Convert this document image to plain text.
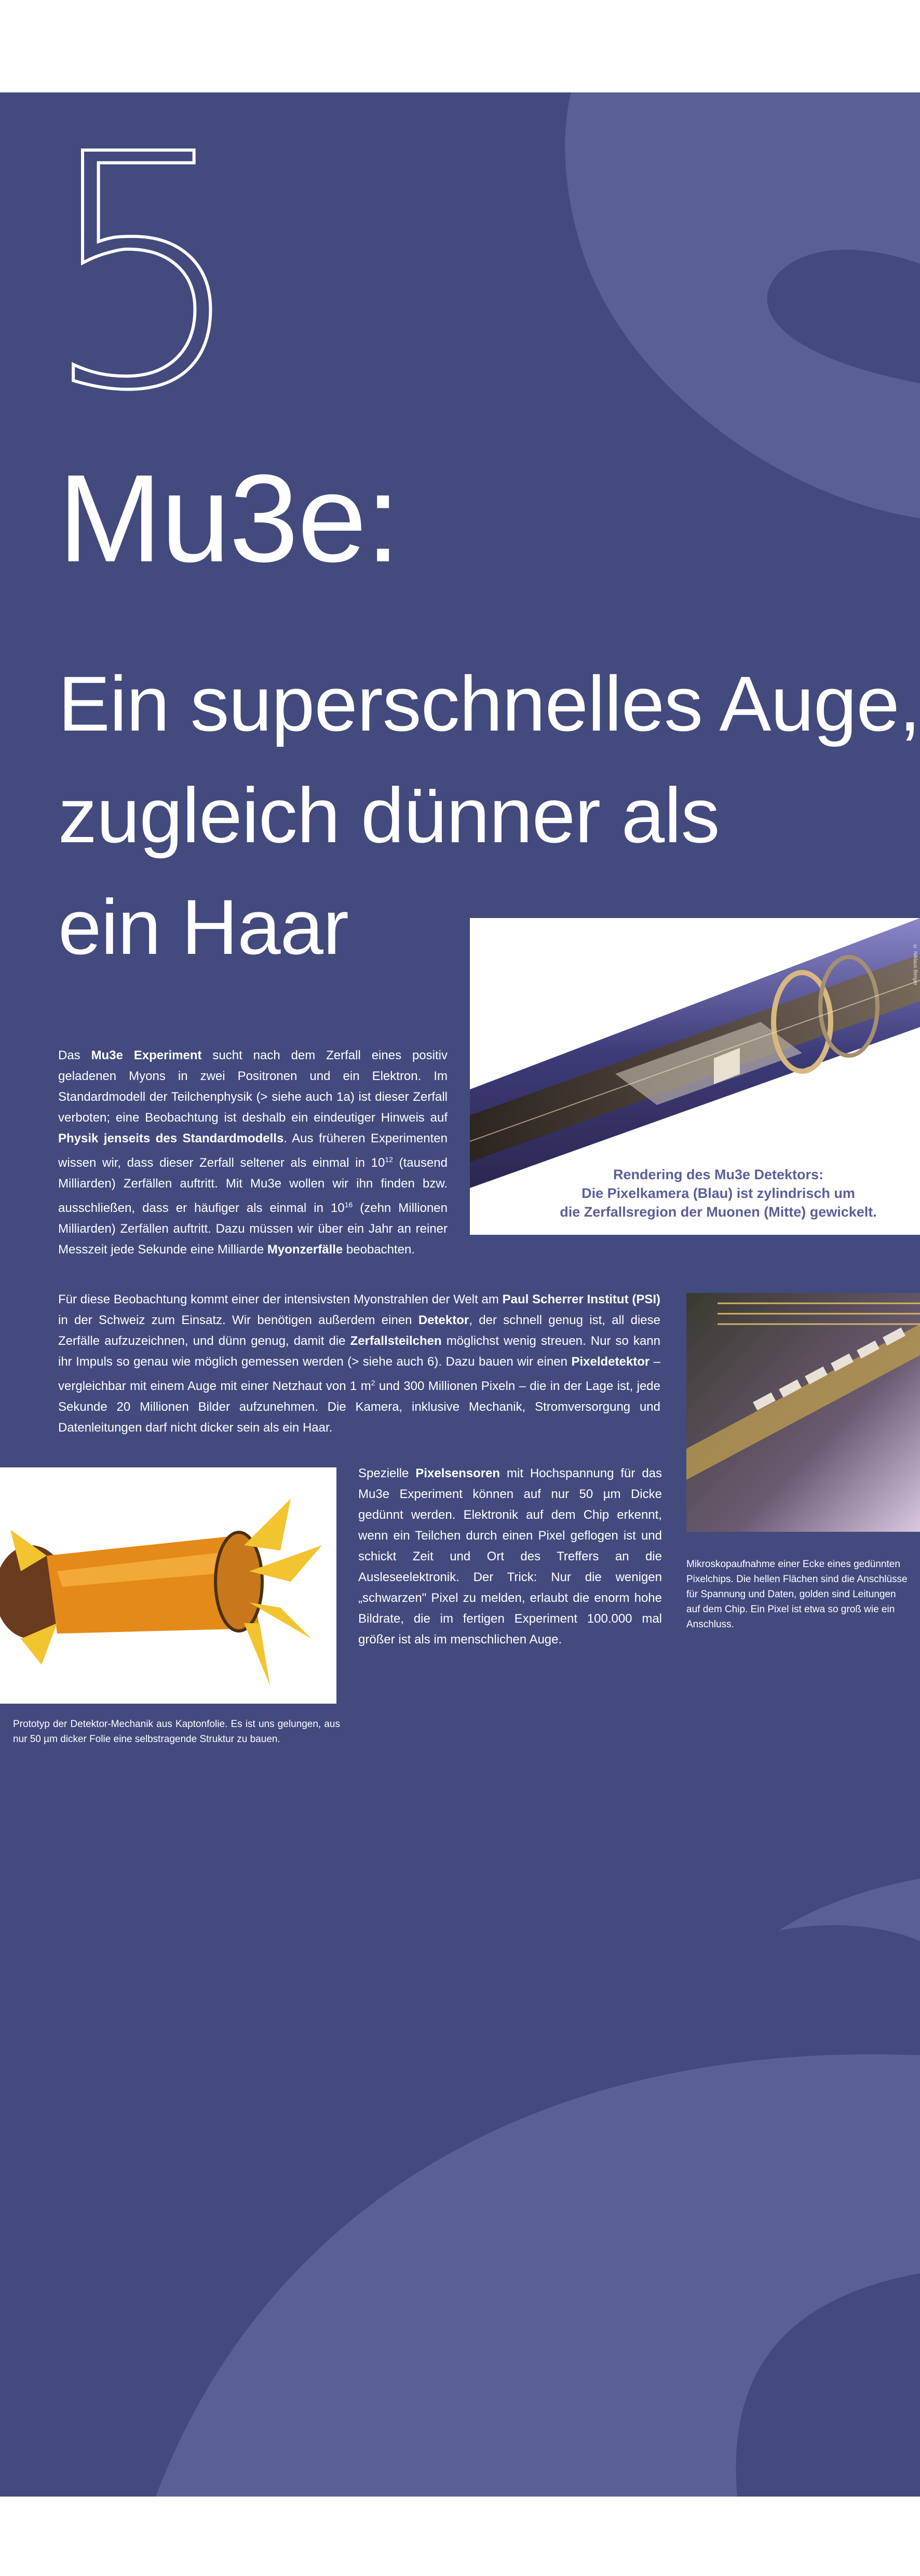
5
Mu3e:
Ein superschnelles Auge,
zugleich dünner als
ein Haar
Rendering des Mu3e Detektors:
Die Pixelkamera (Blau) ist zylindrisch um
die Zerfallsregion der Muonen (Mitte) gewickelt.
© Niklaus Berger
Das Mu3e Experiment sucht nach dem Zerfall eines positiv geladenen Myons in zwei Positronen und ein Elektron. Im Standardmodell der Teilchenphysik (> siehe auch 1a) ist dieser Zerfall verboten; eine Beobachtung ist deshalb ein eindeutiger Hinweis auf Physik jenseits des Standardmodells. Aus früheren Experimenten wissen wir, dass dieser Zerfall seltener als einmal in $10^{12}$ (tausend Milliarden) Zerfällen auftritt. Mit Mu3e wollen wir ihn finden bzw. ausschließen, dass er häufiger als einmal in $10^{16}$ (zehn Millionen Milliarden) Zerfällen auftritt. Dazu müssen wir über ein Jahr an reiner Messzeit jede Sekunde eine Milliarde Myonzerfälle beobachten.
Für diese Beobachtung kommt einer der intensivsten Myonstrahlen der Welt am Paul Scherrer Institut (PSI) in der Schweiz zum Einsatz. Wir benötigen außerdem einen Detektor, der schnell genug ist, all diese Zerfälle aufzuzeichnen, und dünn genug, damit die Zerfallsteilchen möglichst wenig streuen. Nur so kann ihr Impuls so genau wie möglich gemessen werden (> siehe auch 6). Dazu bauen wir einen Pixeldetektor – vergleichbar mit einem Auge mit einer Netzhaut von 1 $m^2$ und 300 Millionen Pixeln – die in der Lage ist, jede Sekunde 20 Millionen Bilder aufzunehmen. Die Kamera, inklusive Mechanik, Stromversorgung und Datenleitungen darf nicht dicker sein als ein Haar.
Mikroskopaufnahme einer Ecke eines gedünnten Pixelchips. Die hellen Flächen sind die Anschlüsse für Spannung und Daten, golden sind Leitungen auf dem Chip. Ein Pixel ist etwa so groß wie ein Anschluss.
Prototyp der Detektor-Mechanik aus Kaptonfolie. Es ist uns gelungen, aus nur 50 µm dicker Folie eine selbstragende Struktur zu bauen.
Spezielle Pixelsensoren mit Hochspannung für das Mu3e Experiment können auf nur 50 µm Dicke gedünnt werden. Elektronik auf dem Chip erkennt, wenn ein Teilchen durch einen Pixel geflogen ist und schickt Zeit und Ort des Treffers an die Ausleseelektronik. Der Trick: Nur die wenigen „schwarzen" Pixel zu melden, erlaubt die enorm hohe Bildrate, die im fertigen Experiment 100.000 mal größer ist als im menschlichen Auge.
